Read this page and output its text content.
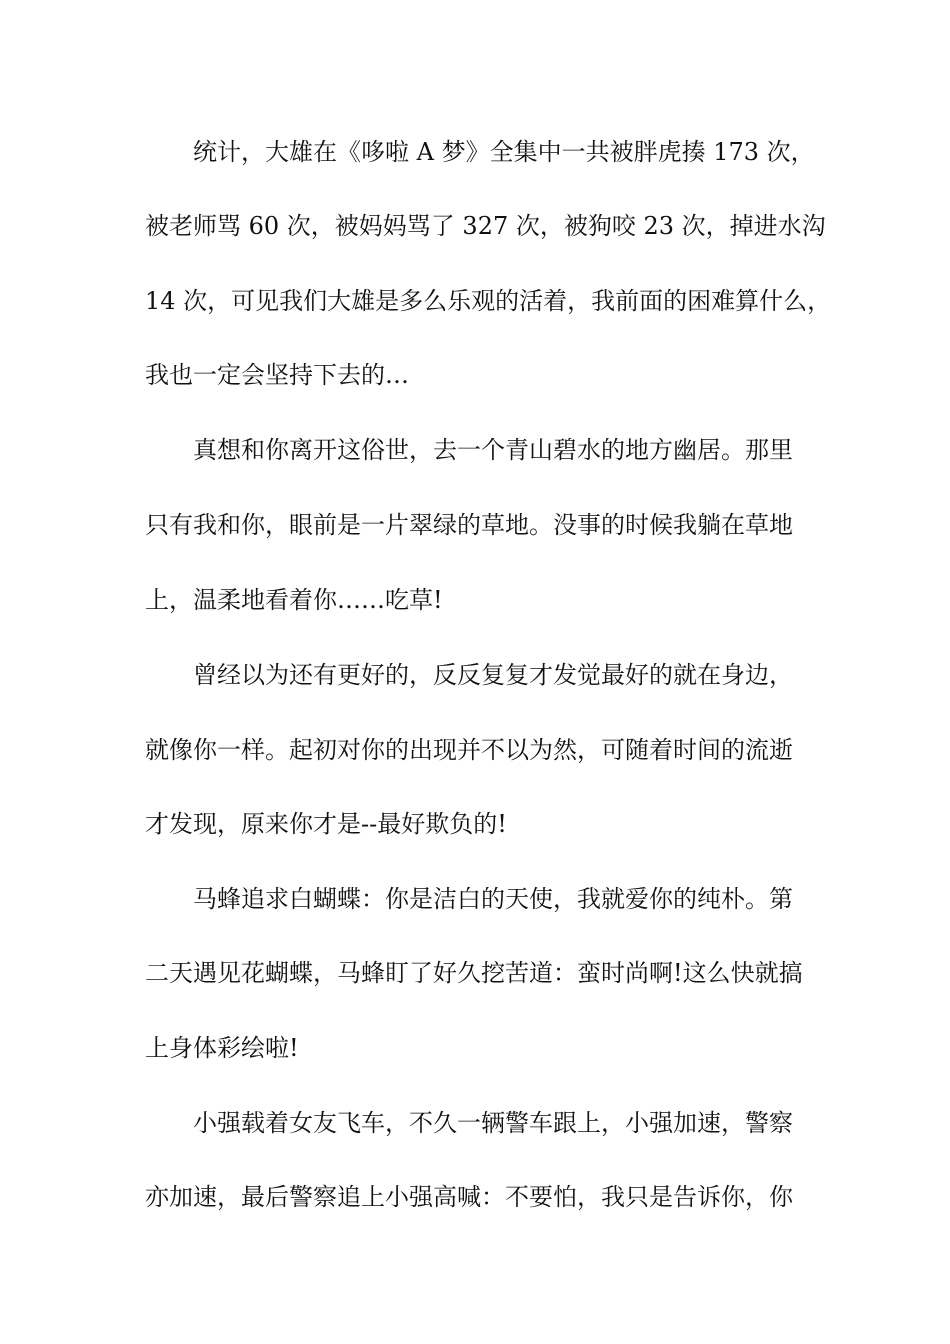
统计，大雄在《哆啦 A 梦》全集中一共被胖虎揍 173 次，
被老师骂 60 次，被妈妈骂了 327 次，被狗咬 23 次，掉进水沟
14 次，可见我们大雄是多么乐观的活着，我前面的困难算什么，
我也一定会坚持下去的…
真想和你离开这俗世，去一个青山碧水的地方幽居。那里
只有我和你，眼前是一片翠绿的草地。没事的时候我躺在草地
上，温柔地看着你……吃草!
曾经以为还有更好的，反反复复才发觉最好的就在身边，
就像你一样。起初对你的出现并不以为然，可随着时间的流逝
才发现，原来你才是--最好欺负的!
马蜂追求白蝴蝶：你是洁白的天使，我就爱你的纯朴。第
二天遇见花蝴蝶，马蜂盯了好久挖苦道：蛮时尚啊!这么快就搞
上身体彩绘啦!
小强载着女友飞车，不久一辆警车跟上，小强加速，警察
亦加速，最后警察追上小强高喊：不要怕，我只是告诉你，你
